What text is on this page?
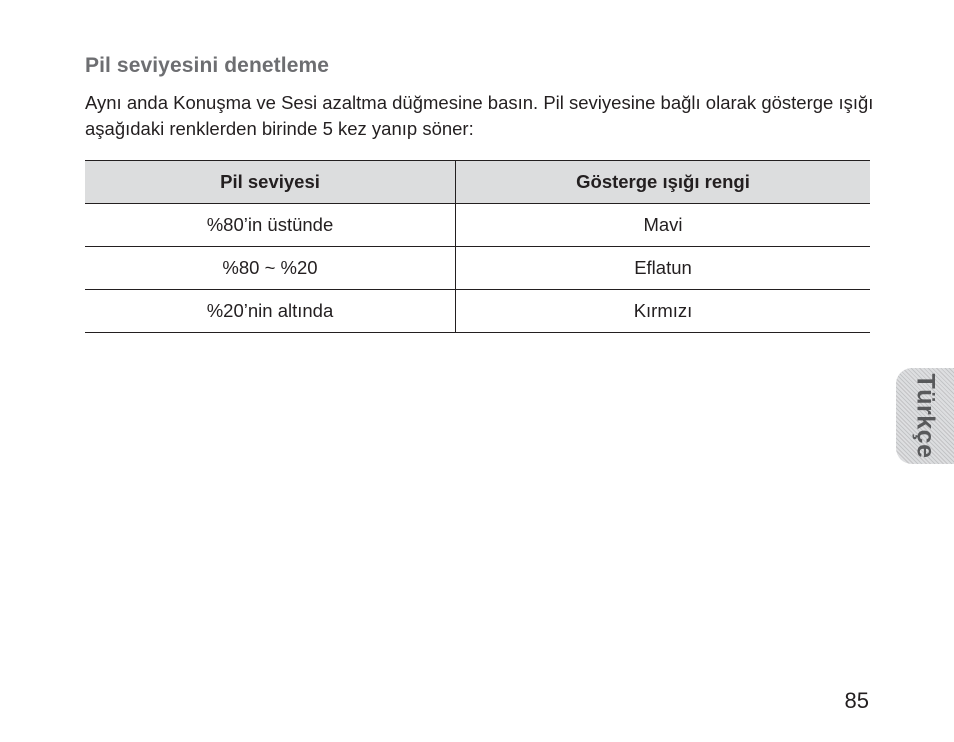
Pil seviyesini denetleme

Aynı anda Konuşma ve Sesi azaltma düğmesine basın. Pil seviyesine bağlı olarak gösterge ışığı aşağıdaki renklerden birinde 5 kez yanıp söner:

Pil seviyesi	Gösterge ışığı rengi
%80’in üstünde	Mavi
%80 ~ %20	Eflatun
%20’nin altında	Kırmızı
Türkçe
85
